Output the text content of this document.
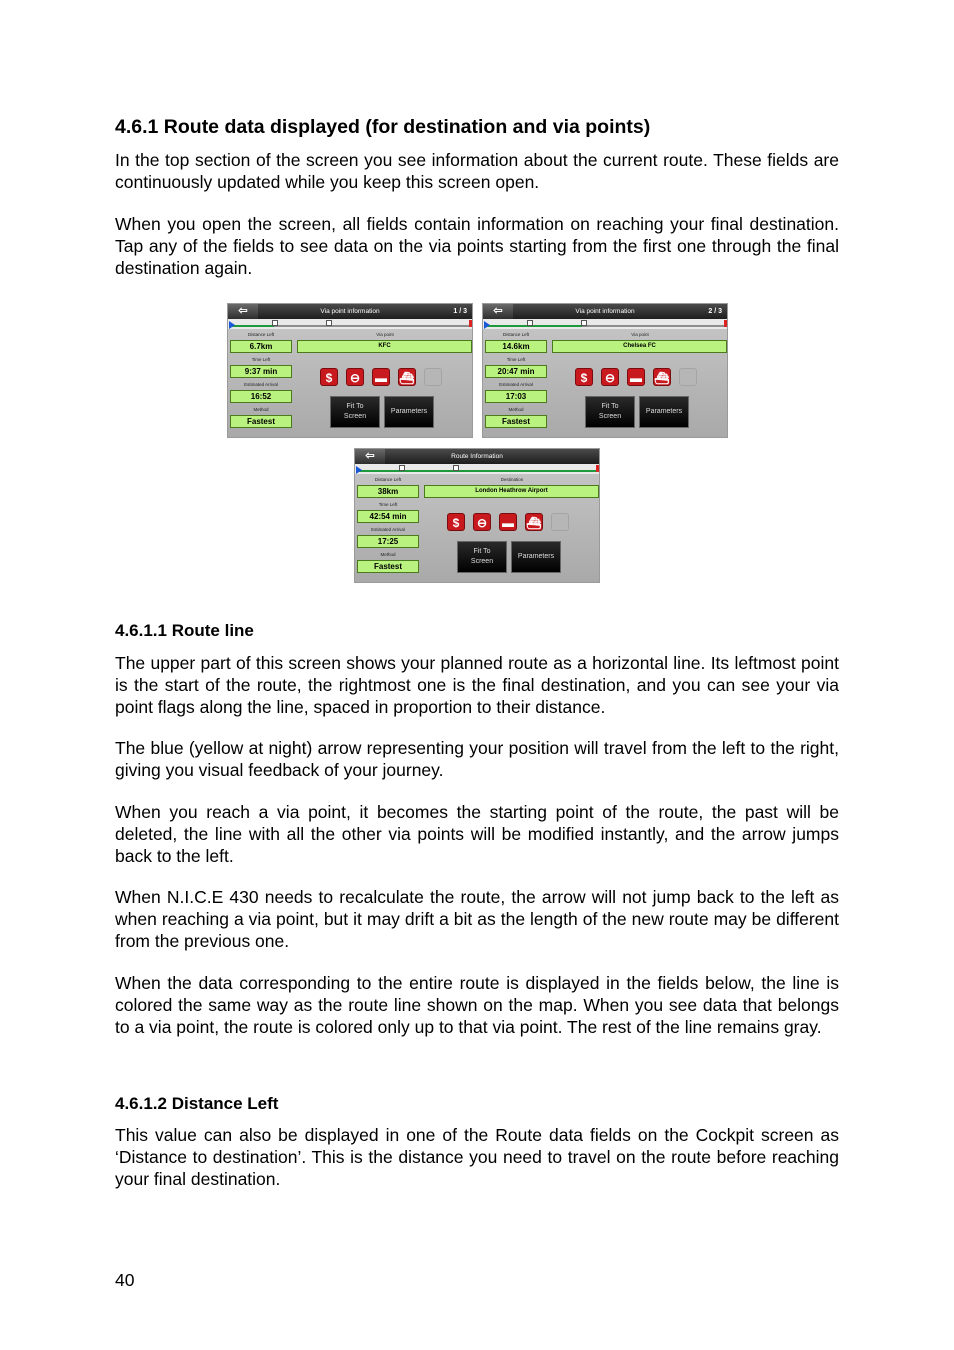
4.6.1 Route data displayed (for destination and via points)

In the top section of the screen you see information about the current route. These fields are continuously updated while you keep this screen open.

When you open the screen, all fields contain information on reaching your final destination. Tap any of the fields to see data on the via points starting from the first one through the final destination again.

Via point information
⇦	1 / 3
Distance Left
6.7km
Via point
KFC
Time Left
9:37 min
Estimated Arrival
16:52
Method
Fastest
$	⊖	▬ ⛴
Fit To
Screen
Parameters
Via point information
⇦	2 / 3
Distance Left
14.6km
Via point
Chelsea FC
Time Left
20:47 min
Estimated Arrival
17:03
Method
Fastest
$	⊖	▬ ⛴
Fit To
Screen
Parameters
Route Information
⇦
Distance Left
38km
Destination
London Heathrow Airport
Time Left
42:54 min
Estimated Arrival
17:25
Method
Fastest
$	⊖	▬ ⛴
Fit To
Screen
Parameters
4.6.1.1 Route line

The upper part of this screen shows your planned route as a horizontal line. Its leftmost point is the start of the route, the rightmost one is the final destination, and you can see your via point flags along the line, spaced in proportion to their distance.

The blue (yellow at night) arrow representing your position will travel from the left to the right, giving you visual feedback of your journey.

When you reach a via point, it becomes the starting point of the route, the past will be deleted, the line with all the other via points will be modified instantly, and the arrow jumps back to the left.

When N.I.C.E 430 needs to recalculate the route, the arrow will not jump back to the left as when reaching a via point, but it may drift a bit as the length of the new route may be different from the previous one.

When the data corresponding to the entire route is displayed in the fields below, the line is colored the same way as the route line shown on the map. When you see data that belongs to a via point, the route is colored only up to that via point. The rest of the line remains gray.

4.6.1.2 Distance Left

This value can also be displayed in one of the Route data fields on the Cockpit screen as ‘Distance to destination’. This is the distance you need to travel on the route before reaching your final destination.

40
